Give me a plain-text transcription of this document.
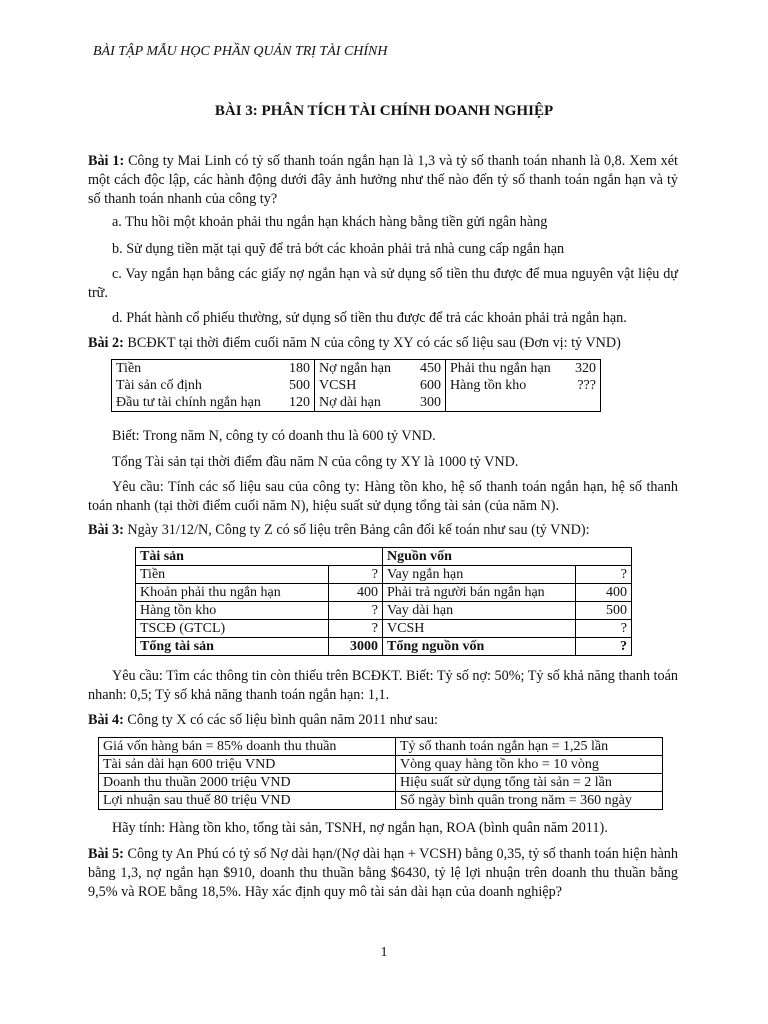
BÀI TẬP MẪU HỌC PHẦN QUẢN TRỊ TÀI CHÍNH
BÀI 3: PHÂN TÍCH TÀI CHÍNH DOANH NGHIỆP

Bài 1: Công ty Mai Linh có tỷ số thanh toán ngắn hạn là 1,3 và tỷ số thanh toán nhanh là 0,8. Xem xét một cách độc lập, các hành động dưới đây ảnh hưởng như thế nào đến tỷ số thanh toán ngắn hạn và tỷ số thanh toán nhanh của công ty?

a. Thu hồi một khoản phải thu ngắn hạn khách hàng bằng tiền gửi ngân hàng

b. Sử dụng tiền mặt tại quỹ để trả bớt các khoản phải trả nhà cung cấp ngắn hạn

c. Vay ngắn hạn bằng các giấy nợ ngắn hạn và sử dụng số tiền thu được để mua nguyên vật liệu dự trữ.

d. Phát hành cổ phiếu thường, sử dụng số tiền thu được để trả các khoản phải trả ngắn hạn.

Bài 2: BCĐKT tại thời điểm cuối năm N của công ty XY có các số liệu sau (Đơn vị: tỷ VND)

Tiền	180	Nợ ngắn hạn	450	Phải thu ngắn hạn	320
Tài sản cố định	500	VCSH	600	Hàng tồn kho	???
Đầu tư tài chính ngắn hạn	120	Nợ dài hạn	300		

Biết: Trong năm N, công ty có doanh thu là 600 tỷ VND.

Tổng Tài sản tại thời điểm đầu năm N của công ty XY là 1000 tỷ VND.

Yêu cầu: Tính các số liệu sau của công ty: Hàng tồn kho, hệ số thanh toán ngắn hạn, hệ số thanh toán nhanh (tại thời điểm cuối năm N), hiệu suất sử dụng tổng tài sản (của năm N).

Bài 3: Ngày 31/12/N, Công ty Z có số liệu trên Bảng cân đối kế toán như sau (tỷ VND):

Tài sản		Nguồn vốn	
Tiền	?	Vay ngắn hạn	?
Khoản phải thu ngắn hạn	400	Phải trả người bán ngắn hạn	400
Hàng tồn kho	?	Vay dài hạn	500
TSCĐ (GTCL)	?	VCSH	?
Tổng tài sản	3000	Tổng nguồn vốn	?

Yêu cầu: Tìm các thông tin còn thiếu trên BCĐKT. Biết: Tỷ số nợ: 50%; Tỷ số khả năng thanh toán nhanh: 0,5; Tỷ số khả năng thanh toán ngắn hạn: 1,1.

Bài 4: Công ty X có các số liệu bình quân năm 2011 như sau:

Giá vốn hàng bán = 85% doanh thu thuần	Tỷ số thanh toán ngắn hạn = 1,25 lần
Tài sản dài hạn 600 triệu VND	Vòng quay hàng tồn kho = 10 vòng
Doanh thu thuần 2000 triệu VND	Hiệu suất sử dụng tổng tài sản = 2 lần
Lợi nhuận sau thuế 80 triệu VND	Số ngày bình quân trong năm = 360 ngày

Hãy tính: Hàng tồn kho, tổng tài sản, TSNH, nợ ngắn hạn, ROA (bình quân năm 2011).

Bài 5: Công ty An Phú có tỷ số Nợ dài hạn/(Nợ dài hạn + VCSH) bằng 0,35, tỷ số thanh toán hiện hành bằng 1,3, nợ ngắn hạn $910, doanh thu thuần bằng $6430, tỷ lệ lợi nhuận trên doanh thu thuần bằng 9,5% và ROE bằng 18,5%. Hãy xác định quy mô tài sản dài hạn của doanh nghiệp?

1
